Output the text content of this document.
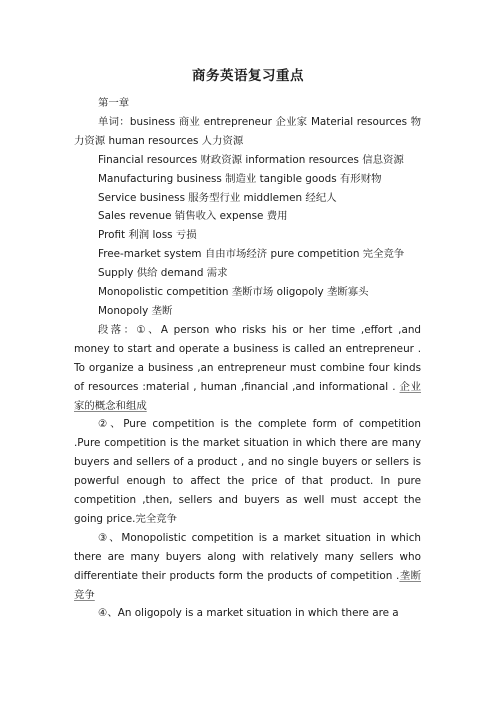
商务英语复习重点

第一章

单词：business 商业 entrepreneur 企业家 Material resources 物力资源 human resources 人力资源

Financial resources 财政资源 information resources 信息资源

Manufacturing business 制造业 tangible goods 有形财物

Service business 服务型行业 middlemen 经纪人

Sales revenue 销售收入 expense 费用

Profit 利润 loss 亏损

Free-market system 自由市场经济 pure competition 完全竞争

Supply 供给 demand 需求

Monopolistic competition 垄断市场 oligopoly 垄断寡头

Monopoly 垄断

段落：①、A person who risks his or her time ,effort ,and money to start and operate a business is called an entrepreneur . To organize a business ,an entrepreneur must combine four kinds of resources :material , human ,financial ,and informational . 企业家的概念和组成

②、Pure competition is the complete form of competition .Pure competition is the market situation in which there are many buyers and sellers of a product , and no single buyers or sellers is powerful enough to affect the price of that product. In pure competition ,then, sellers and buyers as well must accept the going price.完全竞争

③、Monopolistic competition is a market situation in which there are many buyers along with relatively many sellers who differentiate their products form the products of competition .垄断竞争

④、An oligopoly is a market situation in which there are a
